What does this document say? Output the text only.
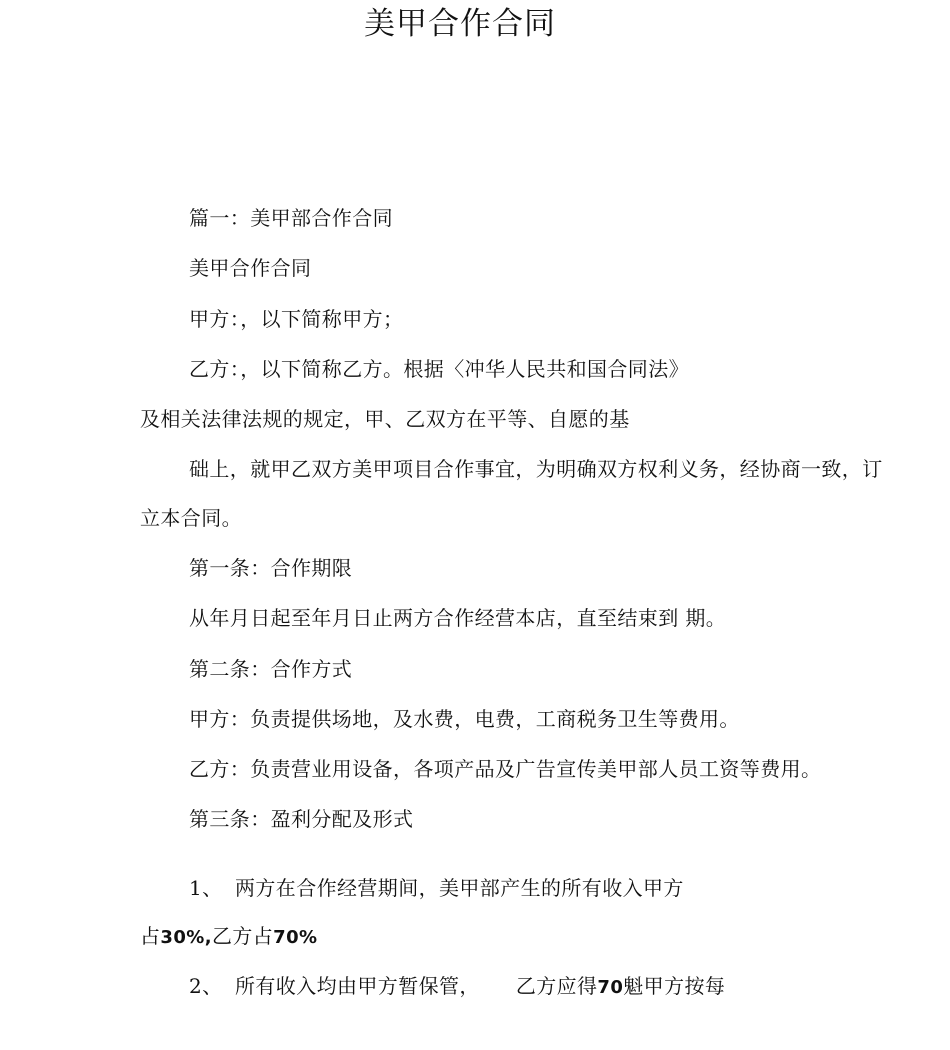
美甲合作合同
篇一：美甲部合作合同
美甲合作合同
甲方：，以下简称甲方；
乙方：，以下简称乙方。根据〈冲华人民共和国合同法》
及相关法律法规的规定，甲、乙双方在平等、自愿的基
础上，就甲乙双方美甲项目合作事宜，为明确双方权利义务，经协商一致，订
立本合同。
第一条：合作期限
从年月日起至年月日止两方合作经营本店，直至结束到 期。
第二条：合作方式
甲方：负责提供场地，及水费，电费，工商税务卫生等费用。
乙方：负责营业用设备，各项产品及广告宣传美甲部人员工资等费用。
第三条：盈利分配及形式
1、 两方在合作经营期间，美甲部产生的所有收入甲方
占30%,乙方占70%
2、 所有收入均由甲方暂保管， 乙方应得70魁甲方按每
